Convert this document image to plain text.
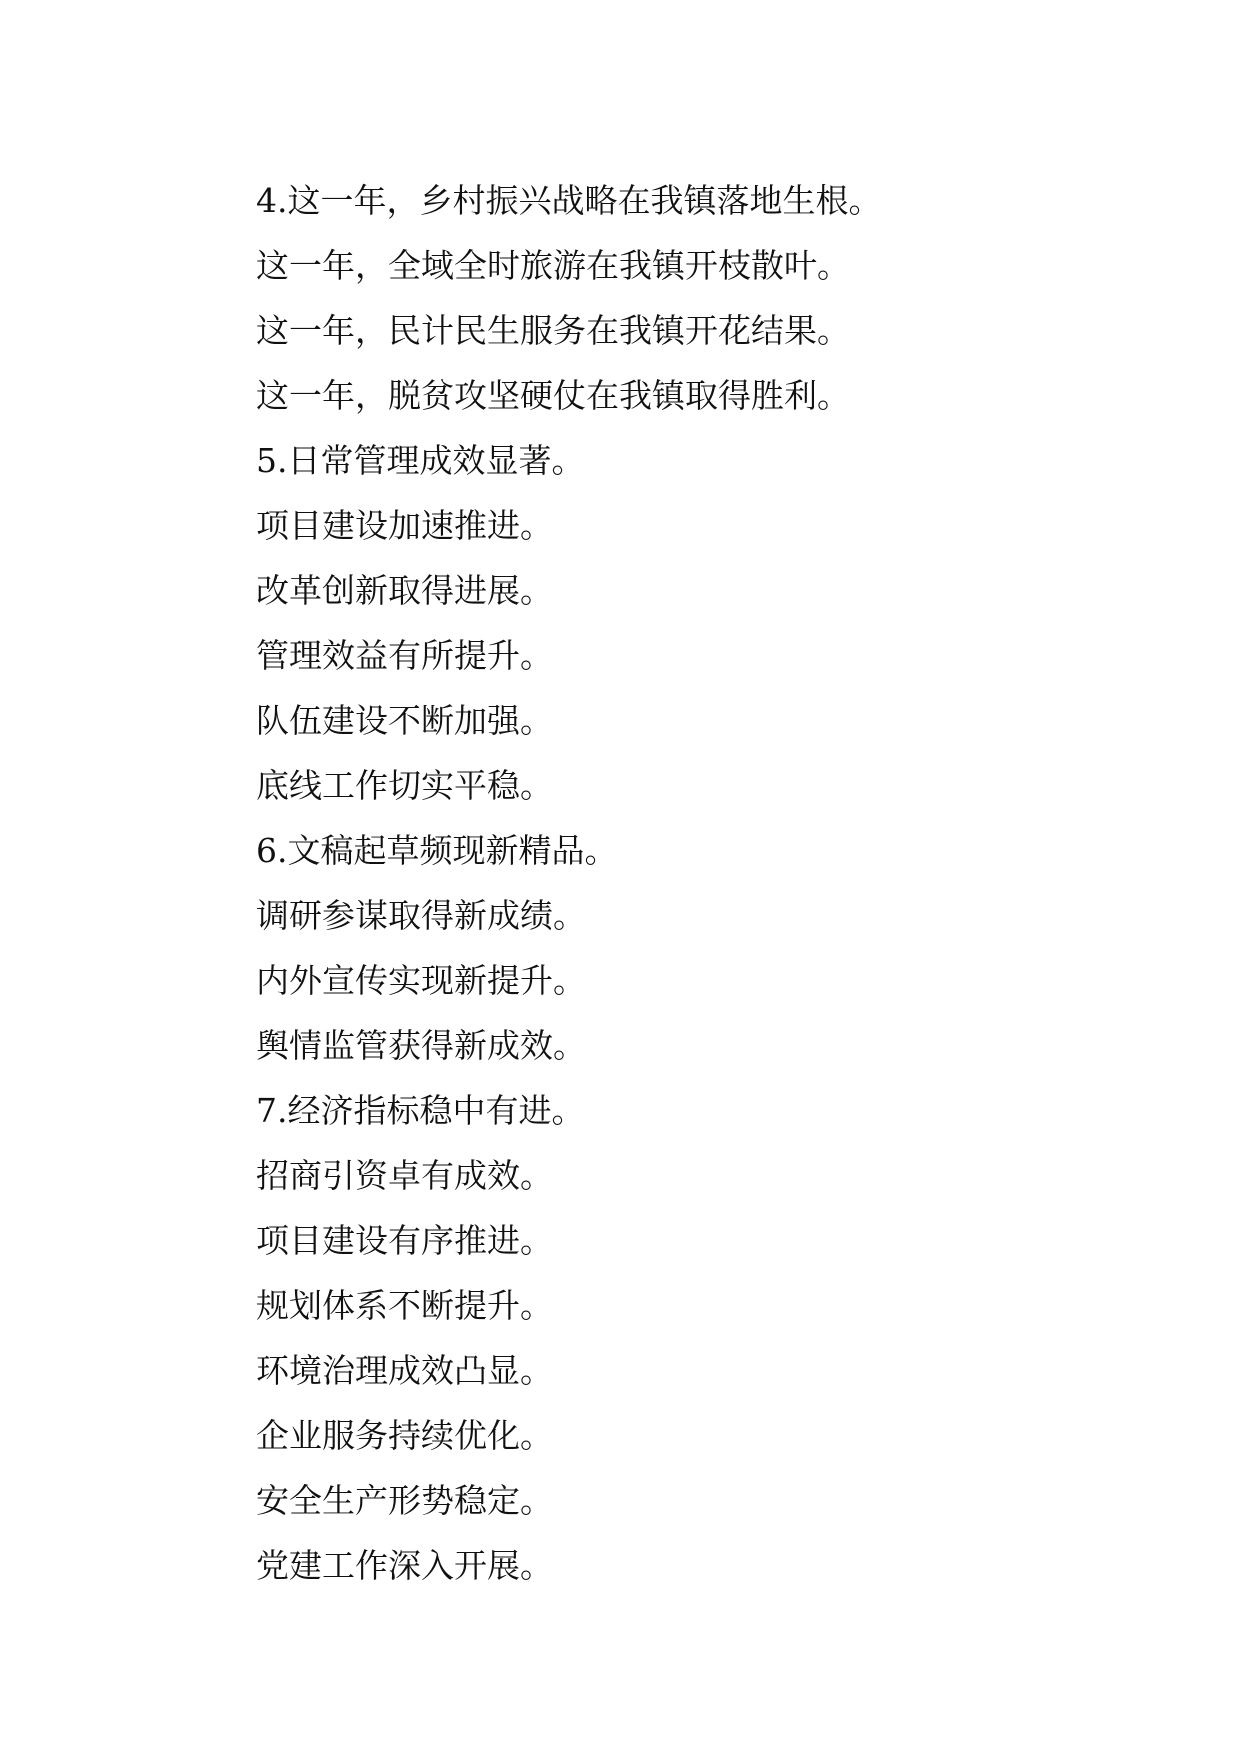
4.这一年，乡村振兴战略在我镇落地生根。

这一年，全域全时旅游在我镇开枝散叶。

这一年，民计民生服务在我镇开花结果。

这一年，脱贫攻坚硬仗在我镇取得胜利。

5.日常管理成效显著。

项目建设加速推进。

改革创新取得进展。

管理效益有所提升。

队伍建设不断加强。

底线工作切实平稳。

6.文稿起草频现新精品。

调研参谋取得新成绩。

内外宣传实现新提升。

舆情监管获得新成效。

7.经济指标稳中有进。

招商引资卓有成效。

项目建设有序推进。

规划体系不断提升。

环境治理成效凸显。

企业服务持续优化。

安全生产形势稳定。

党建工作深入开展。
